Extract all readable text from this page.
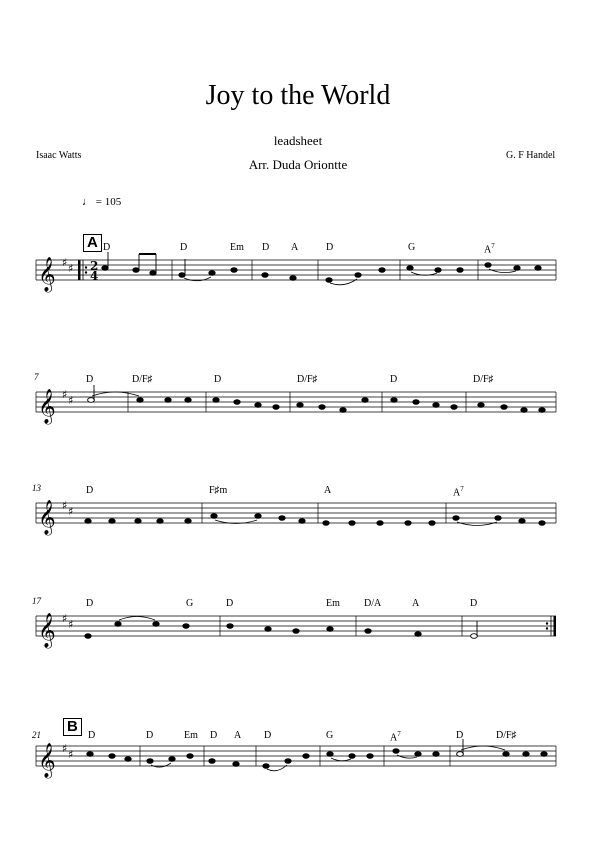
Joy to the World
leadsheet
Arr. Duda Oriontte
Isaac Watts	G. F Handel
♩ = 105
A D	D	Em D A	D	G	$A^7$
𝄞 ♯ ♯ 2
4
7	D	D/F♯	D	D/F♯	D	D/F♯
𝄞 ♯ ♯
13	D	F♯m	A	$A^7$
𝄞 ♯ ♯
17	D	G	D	Em D/A	A	D
𝄞 ♯ ♯
21 B
D	D	Em D A D	G	$A^7$	D	D/F♯
𝄞 ♯ ♯
